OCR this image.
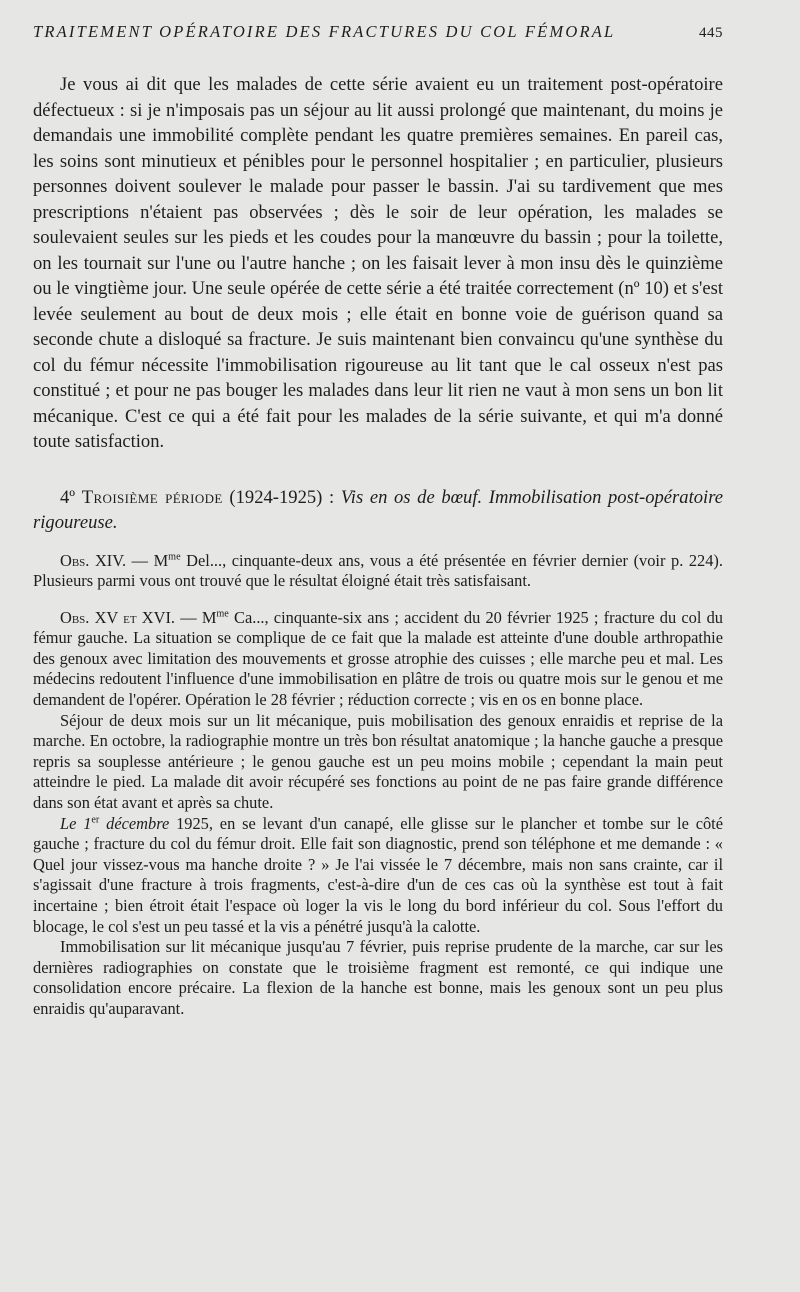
TRAITEMENT OPÉRATOIRE DES FRACTURES DU COL FÉMORAL	445

Je vous ai dit que les malades de cette série avaient eu un traitement post-opératoire défectueux : si je n'imposais pas un séjour au lit aussi prolongé que maintenant, du moins je demandais une immobilité complète pendant les quatre premières semaines. En pareil cas, les soins sont minutieux et pénibles pour le personnel hospitalier ; en particulier, plusieurs personnes doivent soulever le malade pour passer le bassin. J'ai su tardivement que mes prescriptions n'étaient pas observées ; dès le soir de leur opération, les malades se soulevaient seules sur les pieds et les coudes pour la manœuvre du bassin ; pour la toilette, on les tournait sur l'une ou l'autre hanche ; on les faisait lever à mon insu dès le quinzième ou le vingtième jour. Une seule opérée de cette série a été traitée correctement (nº 10) et s'est levée seulement au bout de deux mois ; elle était en bonne voie de guérison quand sa seconde chute a disloqué sa fracture. Je suis maintenant bien convaincu qu'une synthèse du col du fémur nécessite l'immobilisation rigoureuse au lit tant que le cal osseux n'est pas constitué ; et pour ne pas bouger les malades dans leur lit rien ne vaut à mon sens un bon lit mécanique. C'est ce qui a été fait pour les malades de la série suivante, et qui m'a donné toute satisfaction.

4º Troisième période (1924-1925) : Vis en os de bœuf. Immobilisation post-opératoire rigoureuse.

Obs. XIV. — $M^{me}$ Del..., cinquante-deux ans, vous a été présentée en février dernier (voir p. 224). Plusieurs parmi vous ont trouvé que le résultat éloigné était très satisfaisant.

Obs. XV et XVI. — $M^{me}$ Ca..., cinquante-six ans ; accident du 20 février 1925 ; fracture du col du fémur gauche. La situation se complique de ce fait que la malade est atteinte d'une double arthropathie des genoux avec limitation des mouvements et grosse atrophie des cuisses ; elle marche peu et mal. Les médecins redoutent l'influence d'une immobilisation en plâtre de trois ou quatre mois sur le genou et me demandent de l'opérer. Opération le 28 février ; réduction correcte ; vis en os en bonne place.

Séjour de deux mois sur un lit mécanique, puis mobilisation des genoux enraidis et reprise de la marche. En octobre, la radiographie montre un très bon résultat anatomique ; la hanche gauche a presque repris sa souplesse antérieure ; le genou gauche est un peu moins mobile ; cependant la main peut atteindre le pied. La malade dit avoir récupéré ses fonctions au point de ne pas faire grande différence dans son état avant et après sa chute.

Le 1er décembre 1925, en se levant d'un canapé, elle glisse sur le plancher et tombe sur le côté gauche ; fracture du col du fémur droit. Elle fait son diagnostic, prend son téléphone et me demande : « Quel jour vissez-vous ma hanche droite ? » Je l'ai vissée le 7 décembre, mais non sans crainte, car il s'agissait d'une fracture à trois fragments, c'est-à-dire d'un de ces cas où la synthèse est tout à fait incertaine ; bien étroit était l'espace où loger la vis le long du bord inférieur du col. Sous l'effort du blocage, le col s'est un peu tassé et la vis a pénétré jusqu'à la calotte.

Immobilisation sur lit mécanique jusqu'au 7 février, puis reprise prudente de la marche, car sur les dernières radiographies on constate que le troisième fragment est remonté, ce qui indique une consolidation encore précaire. La flexion de la hanche est bonne, mais les genoux sont un peu plus enraidis qu'auparavant.
